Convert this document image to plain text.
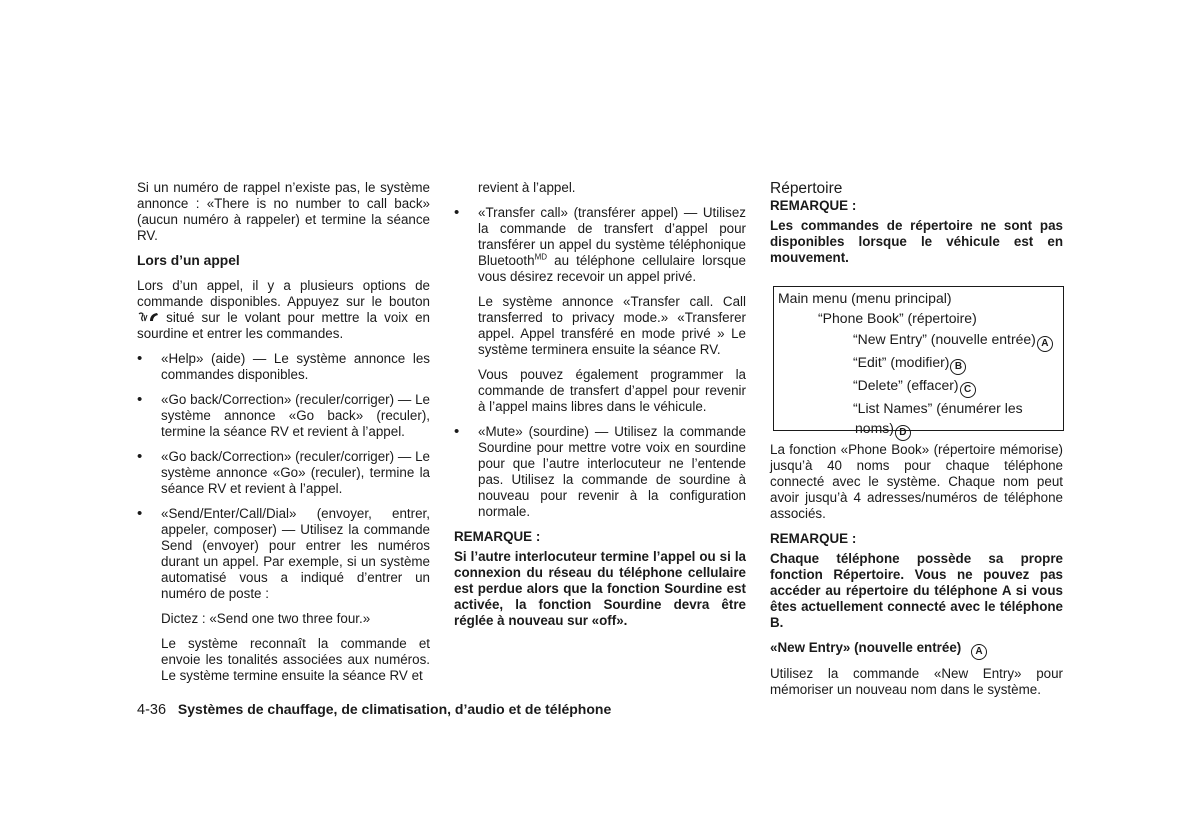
Si un numéro de rappel n’existe pas, le système annonce : «There is no number to call back» (aucun numéro à rappeler) et termine la séance RV.

Lors d’un appel

Lors d’un appel, il y a plusieurs options de commande disponibles. Appuyez sur le bouton  situé sur le volant pour mettre la voix en sourdine et entrer les commandes.

• «Help» (aide) — Le système annonce les commandes disponibles.

• «Go back/Correction» (reculer/corriger) — Le système annonce «Go back» (reculer), termine la séance RV et revient à l’appel.

• «Go back/Correction» (reculer/corriger) — Le système annonce «Go» (reculer), termine la séance RV et revient à l’appel.

• «Send/Enter/Call/Dial» (envoyer, entrer, appeler, composer) — Utilisez la commande Send (envoyer) pour entrer les numéros durant un appel. Par exemple, si un système automatisé vous a indiqué d’entrer un numéro de poste :

Dictez : «Send one two three four.»

Le système reconnaît la commande et envoie les tonalités associées aux numéros. Le système termine ensuite la séance RV et

revient à l’appel.

• «Transfer call» (transférer appel) — Utilisez la commande de transfert d’appel pour transférer un appel du système téléphonique Bluetooth$^{MD}$ au téléphone cellulaire lorsque vous désirez recevoir un appel privé.

Le système annonce «Transfer call. Call transferred to privacy mode.» «Transferer appel. Appel transféré en mode privé » Le système terminera ensuite la séance RV.

Vous pouvez également programmer la commande de transfert d’appel pour revenir à l’appel mains libres dans le véhicule.

• «Mute» (sourdine) — Utilisez la commande Sourdine pour mettre votre voix en sourdine pour que l’autre interlocuteur ne l’entende pas. Utilisez la commande de sourdine à nouveau pour revenir à la configuration normale.

REMARQUE :

Si l’autre interlocuteur termine l’appel ou si la connexion du réseau du téléphone cellulaire est perdue alors que la fonction Sourdine est activée, la fonction Sourdine devra être réglée à nouveau sur «off».

Répertoire

REMARQUE :

Les commandes de répertoire ne sont pas disponibles lorsque le véhicule est en mouvement.

Main menu (menu principal)
“Phone Book” (répertoire)
“New Entry” (nouvelle entrée) A
“Edit” (modifier) B
“Delete” (effacer) C
“List Names” (énumérer les
noms) D

La fonction «Phone Book» (répertoire mémorise) jusqu’à 40 noms pour chaque téléphone connecté avec le système. Chaque nom peut avoir jusqu’à 4 adresses/numéros de téléphone associés.

REMARQUE :

Chaque téléphone possède sa propre fonction Répertoire. Vous ne pouvez pas accéder au répertoire du téléphone A si vous êtes actuellement connecté avec le téléphone B.

«New Entry» (nouvelle entrée) A

Utilisez la commande «New Entry» pour mémoriser un nouveau nom dans le système.

4-36 Systèmes de chauffage, de climatisation, d’audio et de téléphone
